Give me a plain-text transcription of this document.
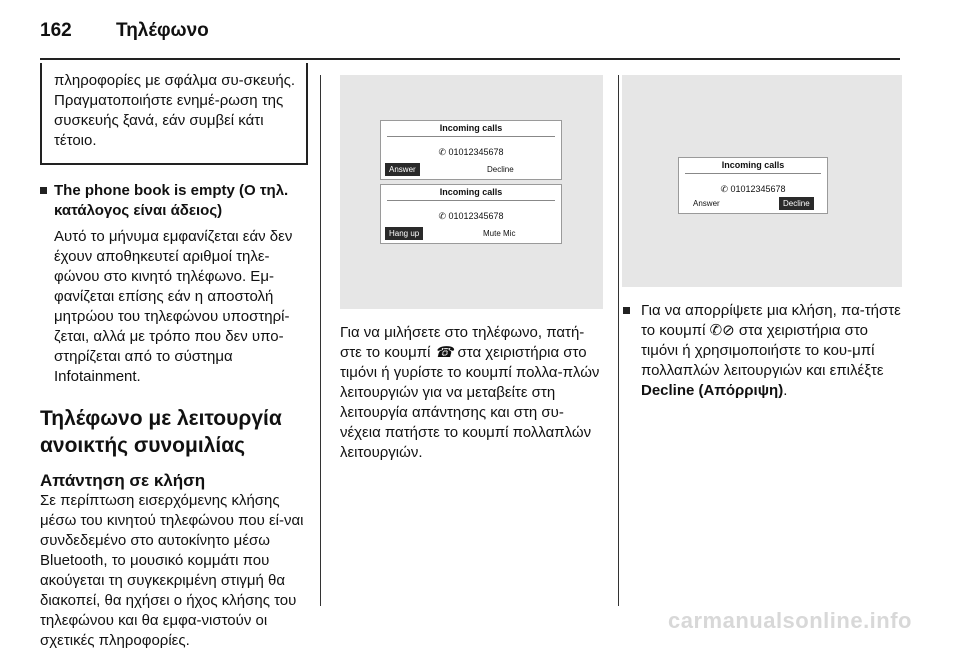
162 Τηλέφωνο
πληροφορίες με σφάλμα συ-σκευής. Πραγματοποιήστε ενημέ-ρωση της συσκευής ξανά, εάν συμβεί κάτι τέτοιο.
The phone book is empty (Ο τηλ. κατάλογος είναι άδειος)
Αυτό το μήνυμα εμφανίζεται εάν δεν έχουν αποθηκευτεί αριθμοί τηλε-φώνου στο κινητό τηλέφωνο. Εμ-φανίζεται επίσης εάν η αποστολή μητρώου του τηλεφώνου υποστηρί-ζεται, αλλά με τρόπο που δεν υπο-στηρίζεται από το σύστημα Infotainment.
Τηλέφωνο με λειτουργία ανοικτής συνομιλίας
Απάντηση σε κλήση
Σε περίπτωση εισερχόμενης κλήσης μέσω του κινητού τηλεφώνου που εί-ναι συνδεδεμένο στο αυτοκίνητο μέσω Bluetooth, το μουσικό κομμάτι που ακούγεται τη συγκεκριμένη στιγμή θα διακοπεί, θα ηχήσει ο ήχος κλήσης του τηλεφώνου και θα εμφα-νιστούν οι σχετικές πληροφορίες.
Incoming calls
✆ 01012345678
Answer	Decline
Incoming calls
✆ 01012345678
Hang up	Mute Mic
Για να μιλήσετε στο τηλέφωνο, πατή-στε το κουμπί ☎ στα χειριστήρια στο τιμόνι ή γυρίστε το κουμπί πολλα-πλών λειτουργιών για να μεταβείτε στη λειτουργία απάντησης και στη συ-νέχεια πατήστε το κουμπί πολλαπλών λειτουργιών.
Incoming calls
✆ 01012345678
Answer	Decline
Για να απορρίψετε μια κλήση, πα-τήστε το κουμπί ✆⊘ στα χειριστήρια στο τιμόνι ή χρησιμοποιήστε το κου-μπί πολλαπλών λειτουργιών και επιλέξτε Decline (Απόρριψη).
carmanualsonline.info
